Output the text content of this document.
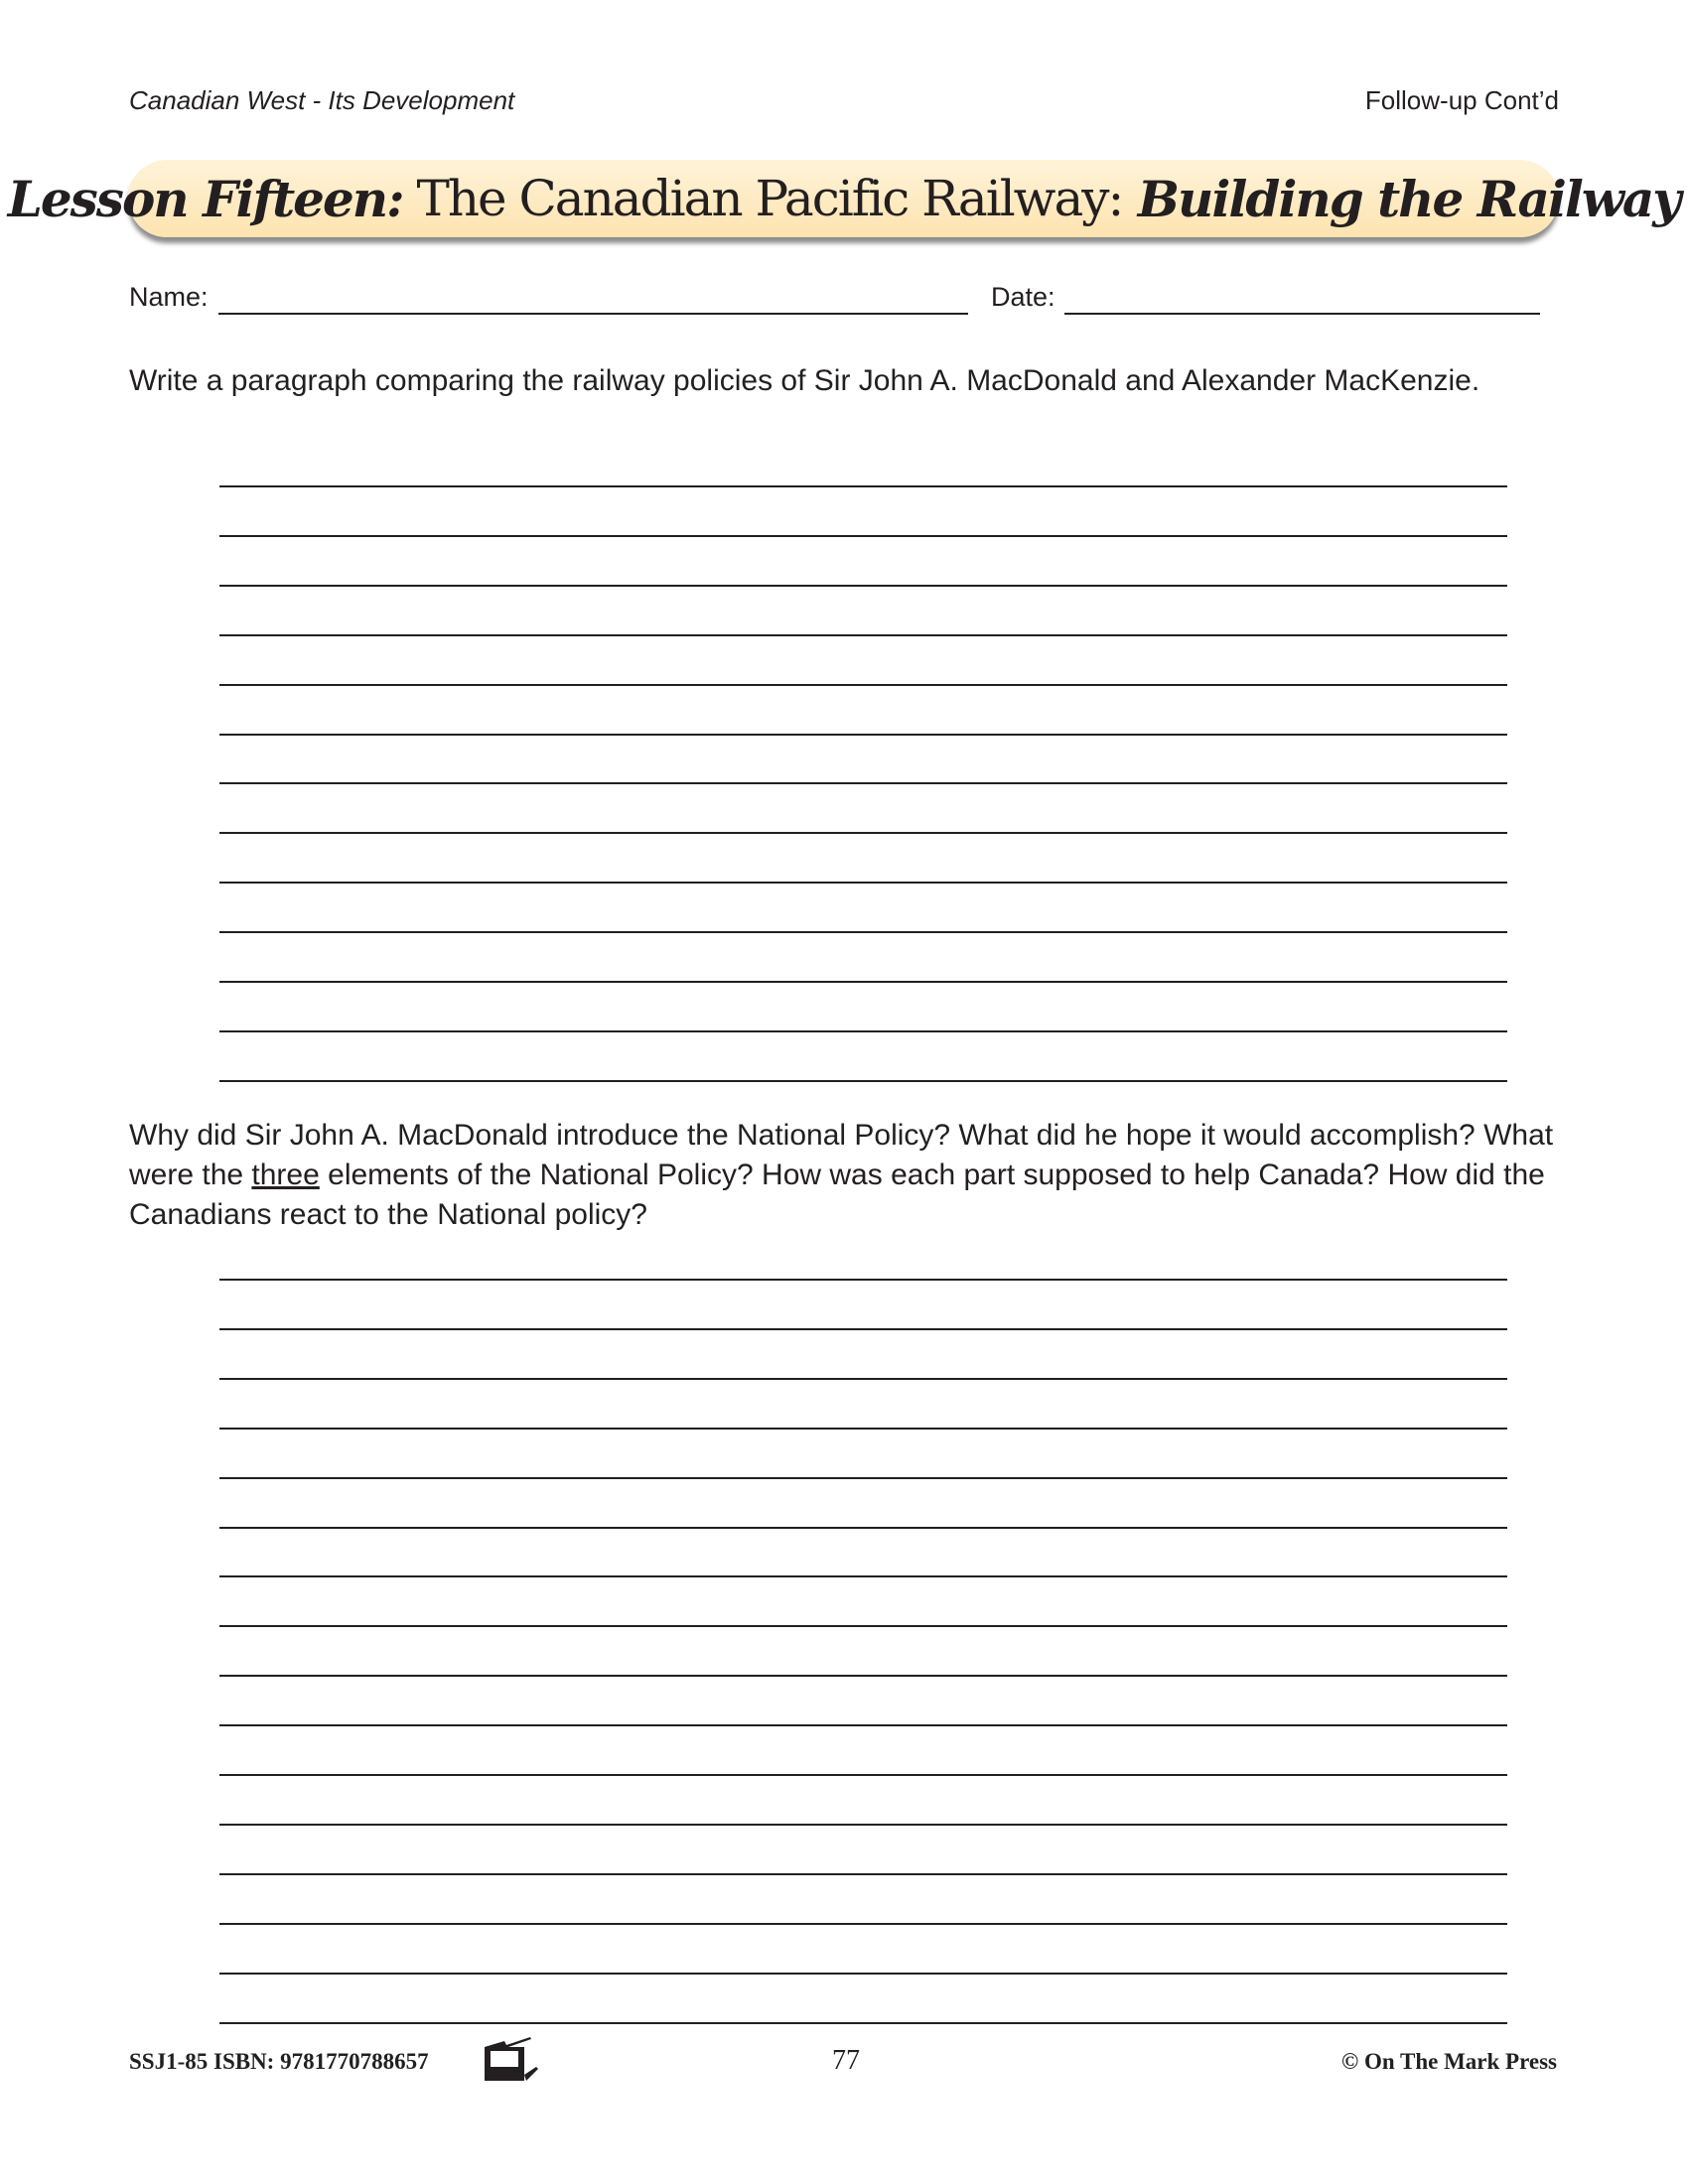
Canadian West - Its Development	Follow-up Cont’d
Lesson Fifteen: The Canadian Pacific Railway: Building the Railway
Name:	Date:
Write a paragraph comparing the railway policies of Sir John A. MacDonald and Alexander MacKenzie.
Why did Sir John A. MacDonald introduce the National Policy? What did he hope it would accomplish? What were the three elements of the National Policy? How was each part supposed to help Canada? How did the Canadians react to the National policy?
SSJ1-85 ISBN: 9781770788657	77	© On The Mark Press
